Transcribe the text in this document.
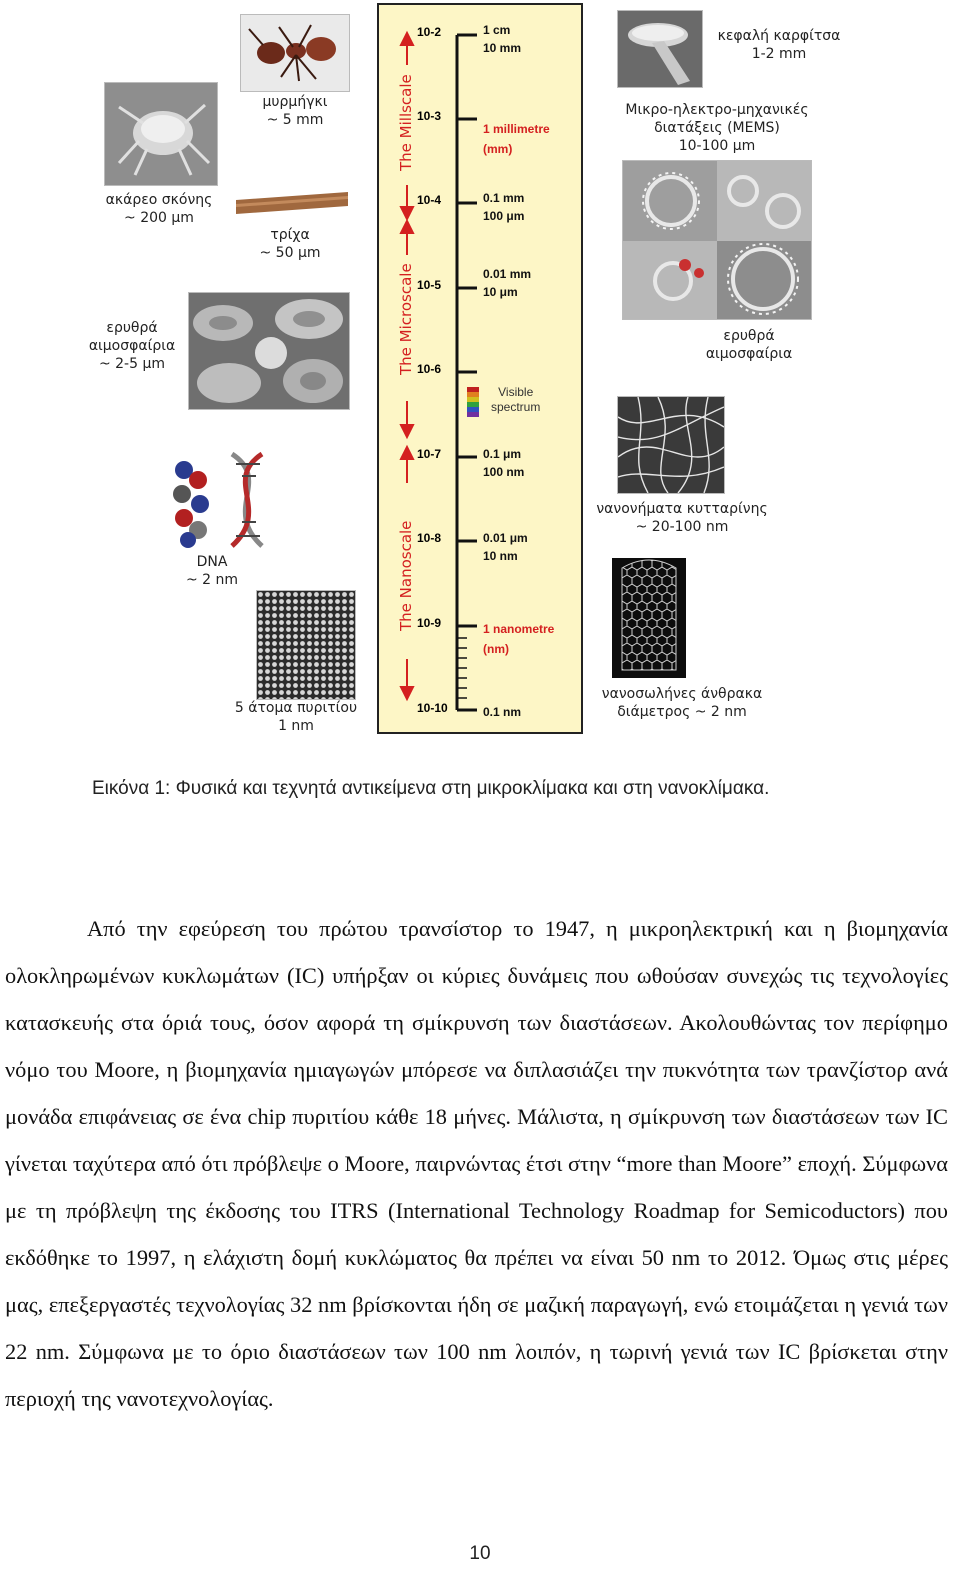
μυρμήγκι
~ 5 mm
ακάρεο σκόνης
~ 200 μm
τρίχα
~ 50 μm
ερυθρά
αιμοσφαίρια
~ 2-5 μm
DNA
~ 2 nm
5 άτομα πυριτίου
1 nm
The Millscale
The Microscale
The Nanoscale
10-2
10-3
10-4
10-5
10-6
10-7
10-8
10-9
10-10
1 cm
10 mm
1 millimetre
(mm)
0.1 mm
100 μm
0.01 mm
10 μm
0.1 μm
100 nm
0.01 μm
10 nm
1 nanometre
(nm)
0.1 nm
Visible
spectrum
κεφαλή καρφίτσα
1-2 mm
Μικρο-ηλεκτρο-μηχανικές
διατάξεις (MEMS)
10-100 μm
ερυθρά
αιμοσφαίρια
νανονήματα κυτταρίνης
~ 20-100 nm
νανοσωλήνες άνθρακα
διάμετρος ~ 2 nm
Εικόνα 1: Φυσικά και τεχνητά αντικείμενα στη μικροκλίμακα και στη νανοκλίμακα.

Από την εφεύρεση του πρώτου τρανσίστορ το 1947, η μικροηλεκτρική και η βιομηχανία ολοκληρωμένων κυκλωμάτων (IC) υπήρξαν οι κύριες δυνάμεις που ωθούσαν συνεχώς τις τεχνολογίες κατασκευής στα όριά τους, όσον αφορά τη σμίκρυνση των διαστάσεων. Ακολουθώντας τον περίφημο νόμο του Moore, η βιομηχανία ημιαγωγών μπόρεσε να διπλασιάζει την πυκνότητα των τρανζίστορ ανά μονάδα επιφάνειας σε ένα chip πυριτίου κάθε 18 μήνες. Μάλιστα, η σμίκρυνση των διαστάσεων των IC γίνεται ταχύτερα από ότι πρόβλεψε ο Moore, παιρνώντας έτσι στην “more than Moore” εποχή. Σύμφωνα με τη πρόβλεψη της έκδοσης του ITRS (International Technology Roadmap for Semicoductors) που εκδόθηκε το 1997, η ελάχιστη δομή κυκλώματος θα πρέπει να είναι 50 nm το 2012. Όμως στις μέρες μας, επεξεργαστές τεχνολογίας 32 nm βρίσκονται ήδη σε μαζική παραγωγή, ενώ ετοιμάζεται η γενιά των 22 nm. Σύμφωνα με το όριο διαστάσεων των 100 nm λοιπόν, η τωρινή γενιά των IC βρίσκεται στην περιοχή της νανοτεχνολογίας.

10
